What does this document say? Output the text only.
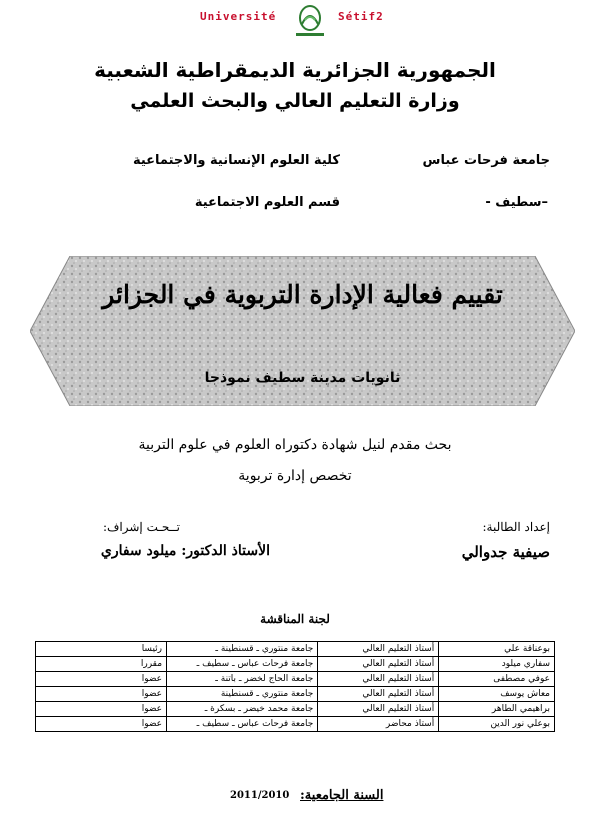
Université	Sétif2
الجمهورية الجزائرية الديمقراطية الشعبية
وزارة التعليم العالي والبحث العلمي
جامعة فرحات عباس
كلية العلوم الإنسانية والاجتماعية
–سطيف -
قسم العلوم الاجتماعية
تقييم فعالية الإدارة التربوية في الجزائر
ثانويات مدينة سطيف نموذجا
بحث مقدم لنيل شهادة دكتوراه العلوم في علوم التربية
تخصص إدارة تربوية
إعداد الطالبة:
صيفية جدوالي
تــحـت إشراف:
الأستاذ الدكتور: ميلود سفاري
لجنة المناقشة
بوعناقة علي	أستاذ التعليم العالي	جامعة منتوري ـ قسنطينة ـ	رئيسا
سفاري ميلود	أستاذ التعليم العالي	جامعة فرحات عباس ـ سطيف ـ	مقررا
عوفي مصطفى	أستاذ التعليم العالي	جامعة الحاج لخضر ـ باتنة ـ	عضوا
معاش يوسف	أستاذ التعليم العالي	جامعة منتوري ـ قسنطينة	عضوا
براهيمي الطاهر	أستاذ التعليم العالي	جامعة محمد خيضر ـ بسكرة ـ	عضوا
بوعلي نور الدين	أستاذ محاضر	جامعة فرحات عباس ـ سطيف ـ	عضوا
السنة الجامعية:
2011/2010
